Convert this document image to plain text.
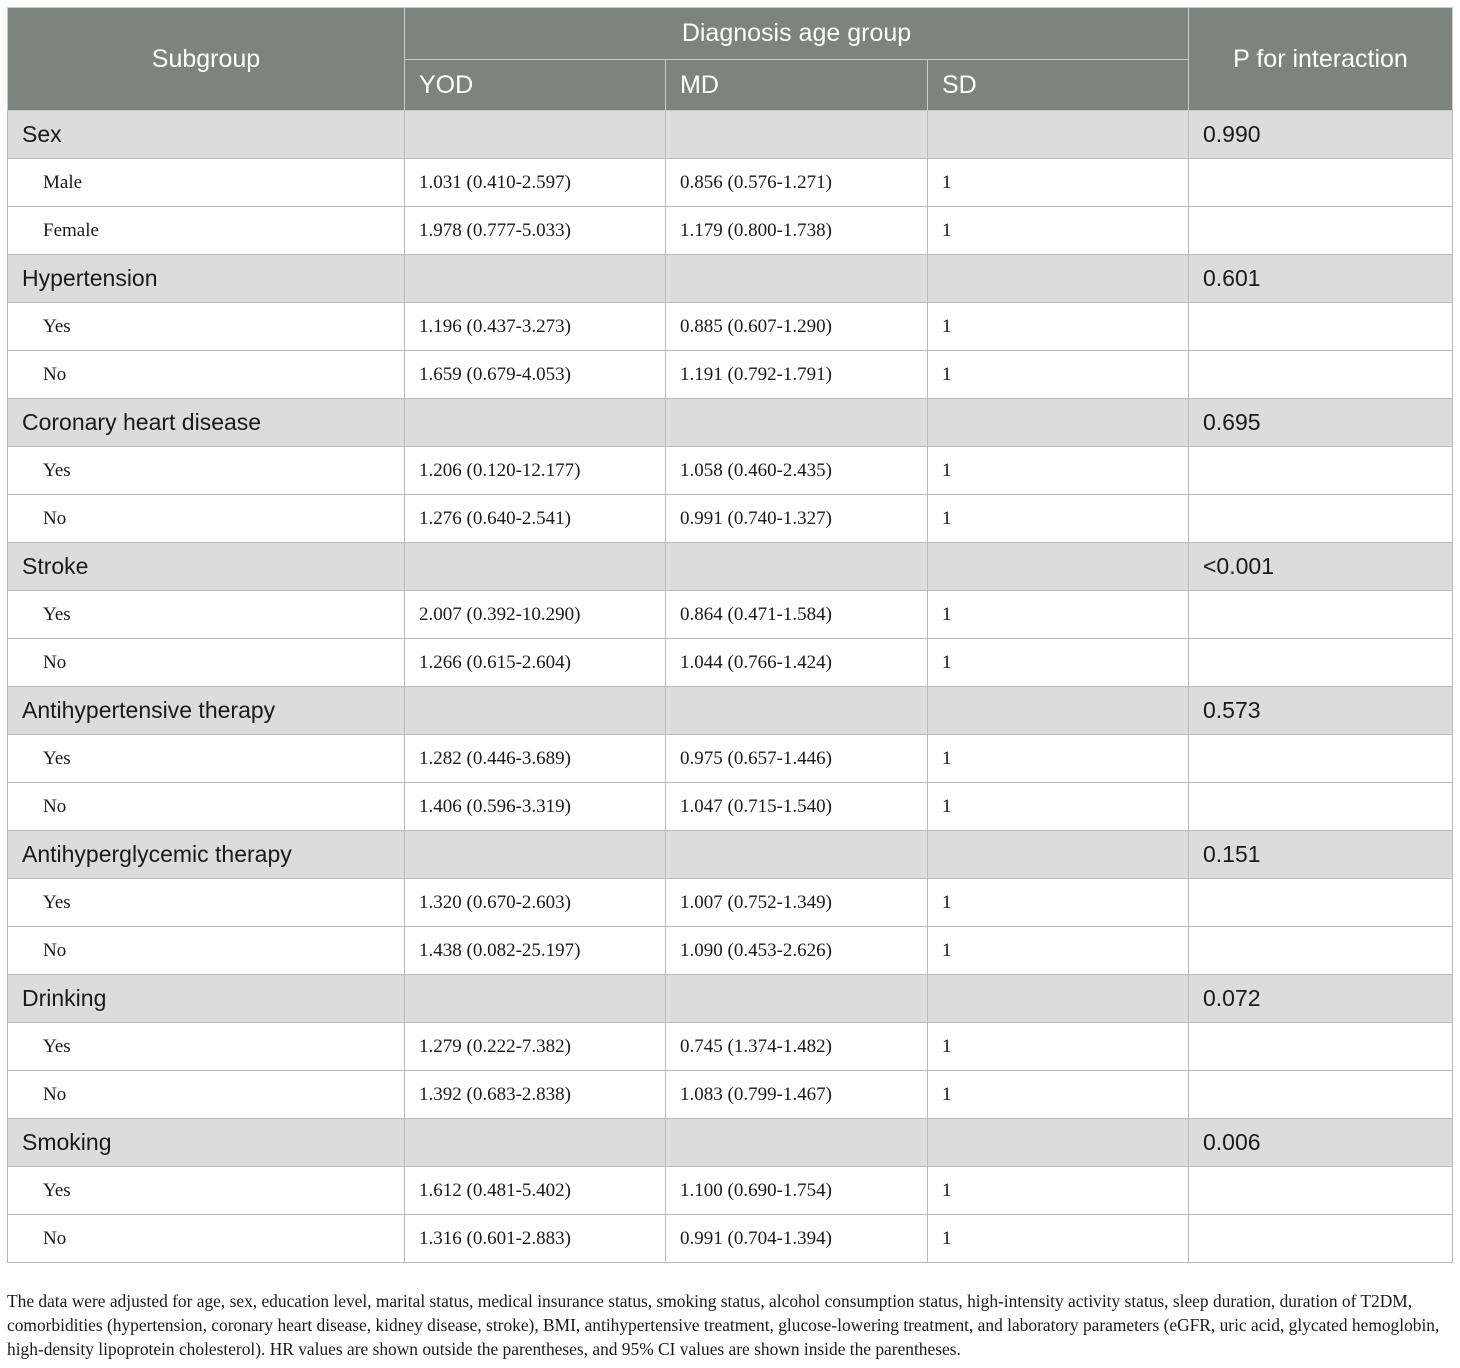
Subgroup	Diagnosis age group			P for interaction
	YOD	MD	SD	
Sex				0.990
Male	1.031 (0.410-2.597)	0.856 (0.576-1.271)	1	
Female	1.978 (0.777-5.033)	1.179 (0.800-1.738)	1	
Hypertension				0.601
Yes	1.196 (0.437-3.273)	0.885 (0.607-1.290)	1	
No	1.659 (0.679-4.053)	1.191 (0.792-1.791)	1	
Coronary heart disease				0.695
Yes	1.206 (0.120-12.177)	1.058 (0.460-2.435)	1	
No	1.276 (0.640-2.541)	0.991 (0.740-1.327)	1	
Stroke				<0.001
Yes	2.007 (0.392-10.290)	0.864 (0.471-1.584)	1	
No	1.266 (0.615-2.604)	1.044 (0.766-1.424)	1	
Antihypertensive therapy				0.573
Yes	1.282 (0.446-3.689)	0.975 (0.657-1.446)	1	
No	1.406 (0.596-3.319)	1.047 (0.715-1.540)	1	
Antihyperglycemic therapy				0.151
Yes	1.320 (0.670-2.603)	1.007 (0.752-1.349)	1	
No	1.438 (0.082-25.197)	1.090 (0.453-2.626)	1	
Drinking				0.072
Yes	1.279 (0.222-7.382)	0.745 (1.374-1.482)	1	
No	1.392 (0.683-2.838)	1.083 (0.799-1.467)	1	
Smoking				0.006
Yes	1.612 (0.481-5.402)	1.100 (0.690-1.754)	1	
No	1.316 (0.601-2.883)	0.991 (0.704-1.394)	1	

The data were adjusted for age, sex, education level, marital status, medical insurance status, smoking status, alcohol consumption status, high-intensity activity status, sleep duration, duration of T2DM, comorbidities (hypertension, coronary heart disease, kidney disease, stroke), BMI, antihypertensive treatment, glucose-lowering treatment, and laboratory parameters (eGFR, uric acid, glycated hemoglobin, high-density lipoprotein cholesterol). HR values are shown outside the parentheses, and 95% CI values are shown inside the parentheses.
